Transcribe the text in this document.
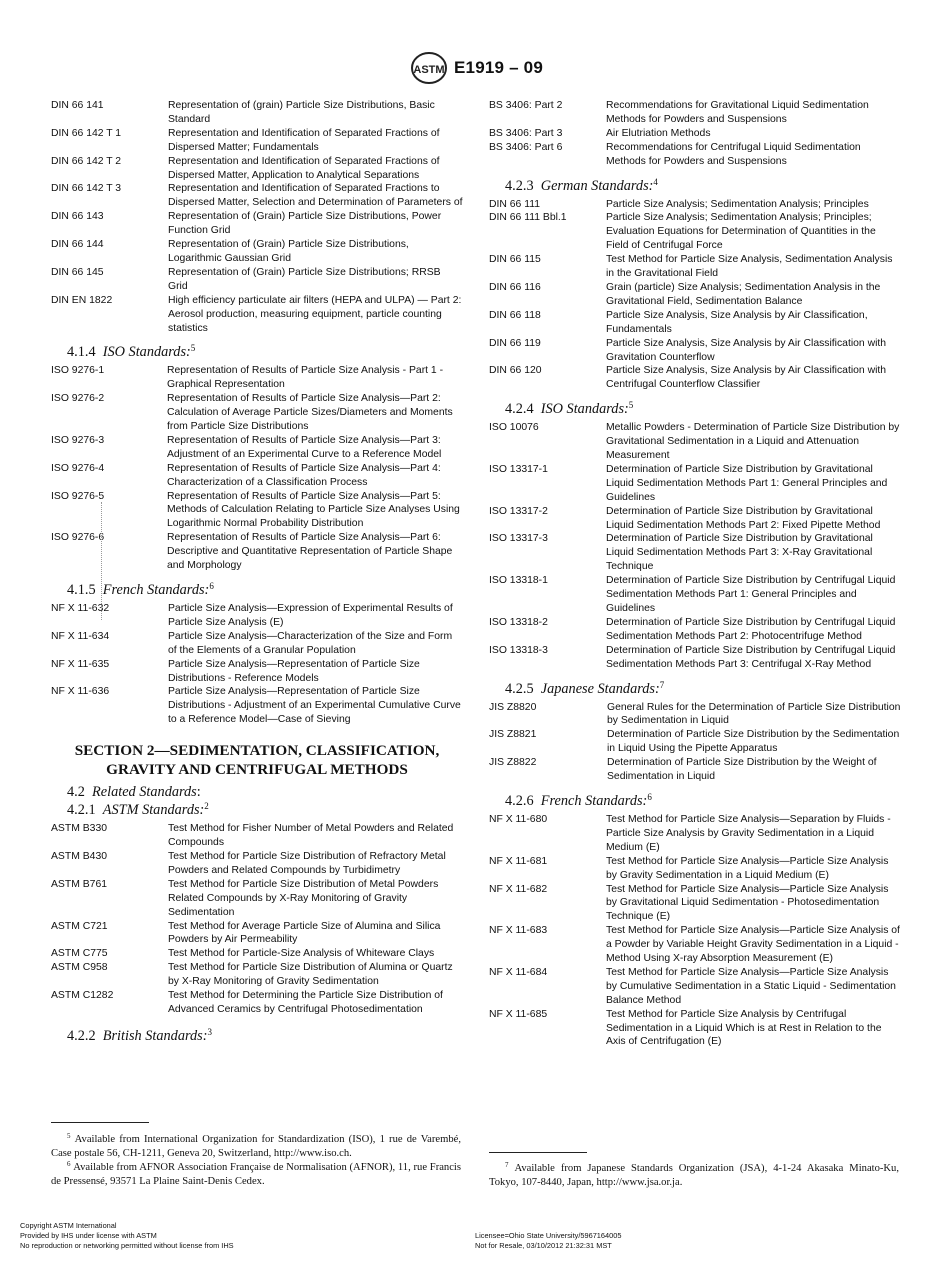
ASTM E1919 – 09
DIN 66 141	Representation of (grain) Particle Size Distributions, Basic Standard
DIN 66 142 T 1	Representation and Identification of Separated Fractions of Dispersed Matter; Fundamentals
DIN 66 142 T 2	Representation and Identification of Separated Fractions of Dispersed Matter, Application to Analytical Separations
DIN 66 142 T 3	Representation and Identification of Separated Fractions to Dispersed Matter, Selection and Determination of Parameters of
DIN 66 143	Representation of (Grain) Particle Size Distributions, Power Function Grid
DIN 66 144	Representation of (Grain) Particle Size Distributions, Logarithmic Gaussian Grid
DIN 66 145	Representation of (Grain) Particle Size Distributions; RRSB Grid
DIN EN 1822	High efficiency particulate air filters (HEPA and ULPA) — Part 2: Aerosol production, measuring equipment, particle counting statistics
4.1.4 ISO Standards:$^5$
ISO 9276-1	Representation of Results of Particle Size Analysis - Part 1 - Graphical Representation
ISO 9276-2	Representation of Results of Particle Size Analysis—Part 2: Calculation of Average Particle Sizes/Diameters and Moments from Particle Size Distributions
ISO 9276-3	Representation of Results of Particle Size Analysis—Part 3: Adjustment of an Experimental Curve to a Reference Model
ISO 9276-4	Representation of Results of Particle Size Analysis—Part 4: Characterization of a Classification Process
ISO 9276-5	Representation of Results of Particle Size Analysis—Part 5: Methods of Calculation Relating to Particle Size Analyses Using Logarithmic Normal Probability Distribution
ISO 9276-6	Representation of Results of Particle Size Analysis—Part 6: Descriptive and Quantitative Representation of Particle Shape and Morphology
4.1.5 French Standards:$^6$
NF X 11-632	Particle Size Analysis—Expression of Experimental Results of Particle Size Analysis (E)
NF X 11-634	Particle Size Analysis—Characterization of the Size and Form of the Elements of a Granular Population
NF X 11-635	Particle Size Analysis—Representation of Particle Size Distributions - Reference Models
NF X 11-636	Particle Size Analysis—Representation of Particle Size Distributions - Adjustment of an Experimental Cumulative Curve to a Reference Model—Case of Sieving
SECTION 2—SEDIMENTATION, CLASSIFICATION,
GRAVITY AND CENTRIFUGAL METHODS
4.2 Related Standards:
4.2.1 ASTM Standards:$^2$
ASTM B330	Test Method for Fisher Number of Metal Powders and Related Compounds
ASTM B430	Test Method for Particle Size Distribution of Refractory Metal Powders and Related Compounds by Turbidimetry
ASTM B761	Test Method for Particle Size Distribution of Metal Powders Related Compounds by X-Ray Monitoring of Gravity Sedimentation
ASTM C721	Test Method for Average Particle Size of Alumina and Silica Powders by Air Permeability
ASTM C775	Test Method for Particle-Size Analysis of Whiteware Clays
ASTM C958	Test Method for Particle Size Distribution of Alumina or Quartz by X-Ray Monitoring of Gravity Sedimentation
ASTM C1282	Test Method for Determining the Particle Size Distribution of Advanced Ceramics by Centrifugal Photosedimentation
4.2.2 British Standards:$^3$

$^5$ Available from International Organization for Standardization (ISO), 1 rue de Varembé, Case postale 56, CH-1211, Geneva 20, Switzerland, http://www.iso.ch.

$^6$ Available from AFNOR Association Française de Normalisation (AFNOR), 11, rue Francis de Pressensé, 93571 La Plaine Saint-Denis Cedex.

BS 3406: Part 2	Recommendations for Gravitational Liquid Sedimentation Methods for Powders and Suspensions
BS 3406: Part 3	Air Elutriation Methods
BS 3406: Part 6	Recommendations for Centrifugal Liquid Sedimentation Methods for Powders and Suspensions
4.2.3 German Standards:$^4$
DIN 66 111	Particle Size Analysis; Sedimentation Analysis; Principles
DIN 66 111 Bbl.1	Particle Size Analysis; Sedimentation Analysis; Principles; Evaluation Equations for Determination of Quantities in the Field of Centrifugal Force
DIN 66 115	Test Method for Particle Size Analysis, Sedimentation Analysis in the Gravitational Field
DIN 66 116	Grain (particle) Size Analysis; Sedimentation Analysis in the Gravitational Field, Sedimentation Balance
DIN 66 118	Particle Size Analysis, Size Analysis by Air Classification, Fundamentals
DIN 66 119	Particle Size Analysis, Size Analysis by Air Classification with Gravitation Counterflow
DIN 66 120	Particle Size Analysis, Size Analysis by Air Classification with Centrifugal Counterflow Classifier
4.2.4 ISO Standards:$^5$
ISO 10076	Metallic Powders - Determination of Particle Size Distribution by Gravitational Sedimentation in a Liquid and Attenuation Measurement
ISO 13317-1	Determination of Particle Size Distribution by Gravitational Liquid Sedimentation Methods Part 1: General Principles and Guidelines
ISO 13317-2	Determination of Particle Size Distribution by Gravitational Liquid Sedimentation Methods Part 2: Fixed Pipette Method
ISO 13317-3	Determination of Particle Size Distribution by Gravitational Liquid Sedimentation Methods Part 3: X-Ray Gravitational Technique
ISO 13318-1	Determination of Particle Size Distribution by Centrifugal Liquid Sedimentation Methods Part 1: General Principles and Guidelines
ISO 13318-2	Determination of Particle Size Distribution by Centrifugal Liquid Sedimentation Methods Part 2: Photocentrifuge Method
ISO 13318-3	Determination of Particle Size Distribution by Centrifugal Liquid Sedimentation Methods Part 3: Centrifugal X-Ray Method
4.2.5 Japanese Standards:$^7$
JIS Z8820	General Rules for the Determination of Particle Size Distribution by Sedimentation in Liquid
JIS Z8821	Determination of Particle Size Distribution by the Sedimentation in Liquid Using the Pipette Apparatus
JIS Z8822	Determination of Particle Size Distribution by the Weight of Sedimentation in Liquid
4.2.6 French Standards:$^6$
NF X 11-680	Test Method for Particle Size Analysis—Separation by Fluids - Particle Size Analysis by Gravity Sedimentation in a Liquid Medium (E)
NF X 11-681	Test Method for Particle Size Analysis—Particle Size Analysis by Gravity Sedimentation in a Liquid Medium (E)
NF X 11-682	Test Method for Particle Size Analysis—Particle Size Analysis by Gravitational Liquid Sedimentation - Photosedimentation Technique (E)
NF X 11-683	Test Method for Particle Size Analysis—Particle Size Analysis of a Powder by Variable Height Gravity Sedimentation in a Liquid - Method Using X-ray Absorption Measurement (E)
NF X 11-684	Test Method for Particle Size Analysis—Particle Size Analysis by Cumulative Sedimentation in a Static Liquid - Sedimentation Balance Method
NF X 11-685	Test Method for Particle Size Analysis by Centrifugal Sedimentation in a Liquid Which is at Rest in Relation to the Axis of Centrifugation (E)

$^7$ Available from Japanese Standards Organization (JSA), 4-1-24 Akasaka Minato-Ku, Tokyo, 107-8440, Japan, http://www.jsa.or.ja.

Copyright ASTM International
Provided by IHS under license with ASTM
No reproduction or networking permitted without license from IHS
Licensee=Ohio State University/5967164005
Not for Resale, 03/10/2012 21:32:31 MST
